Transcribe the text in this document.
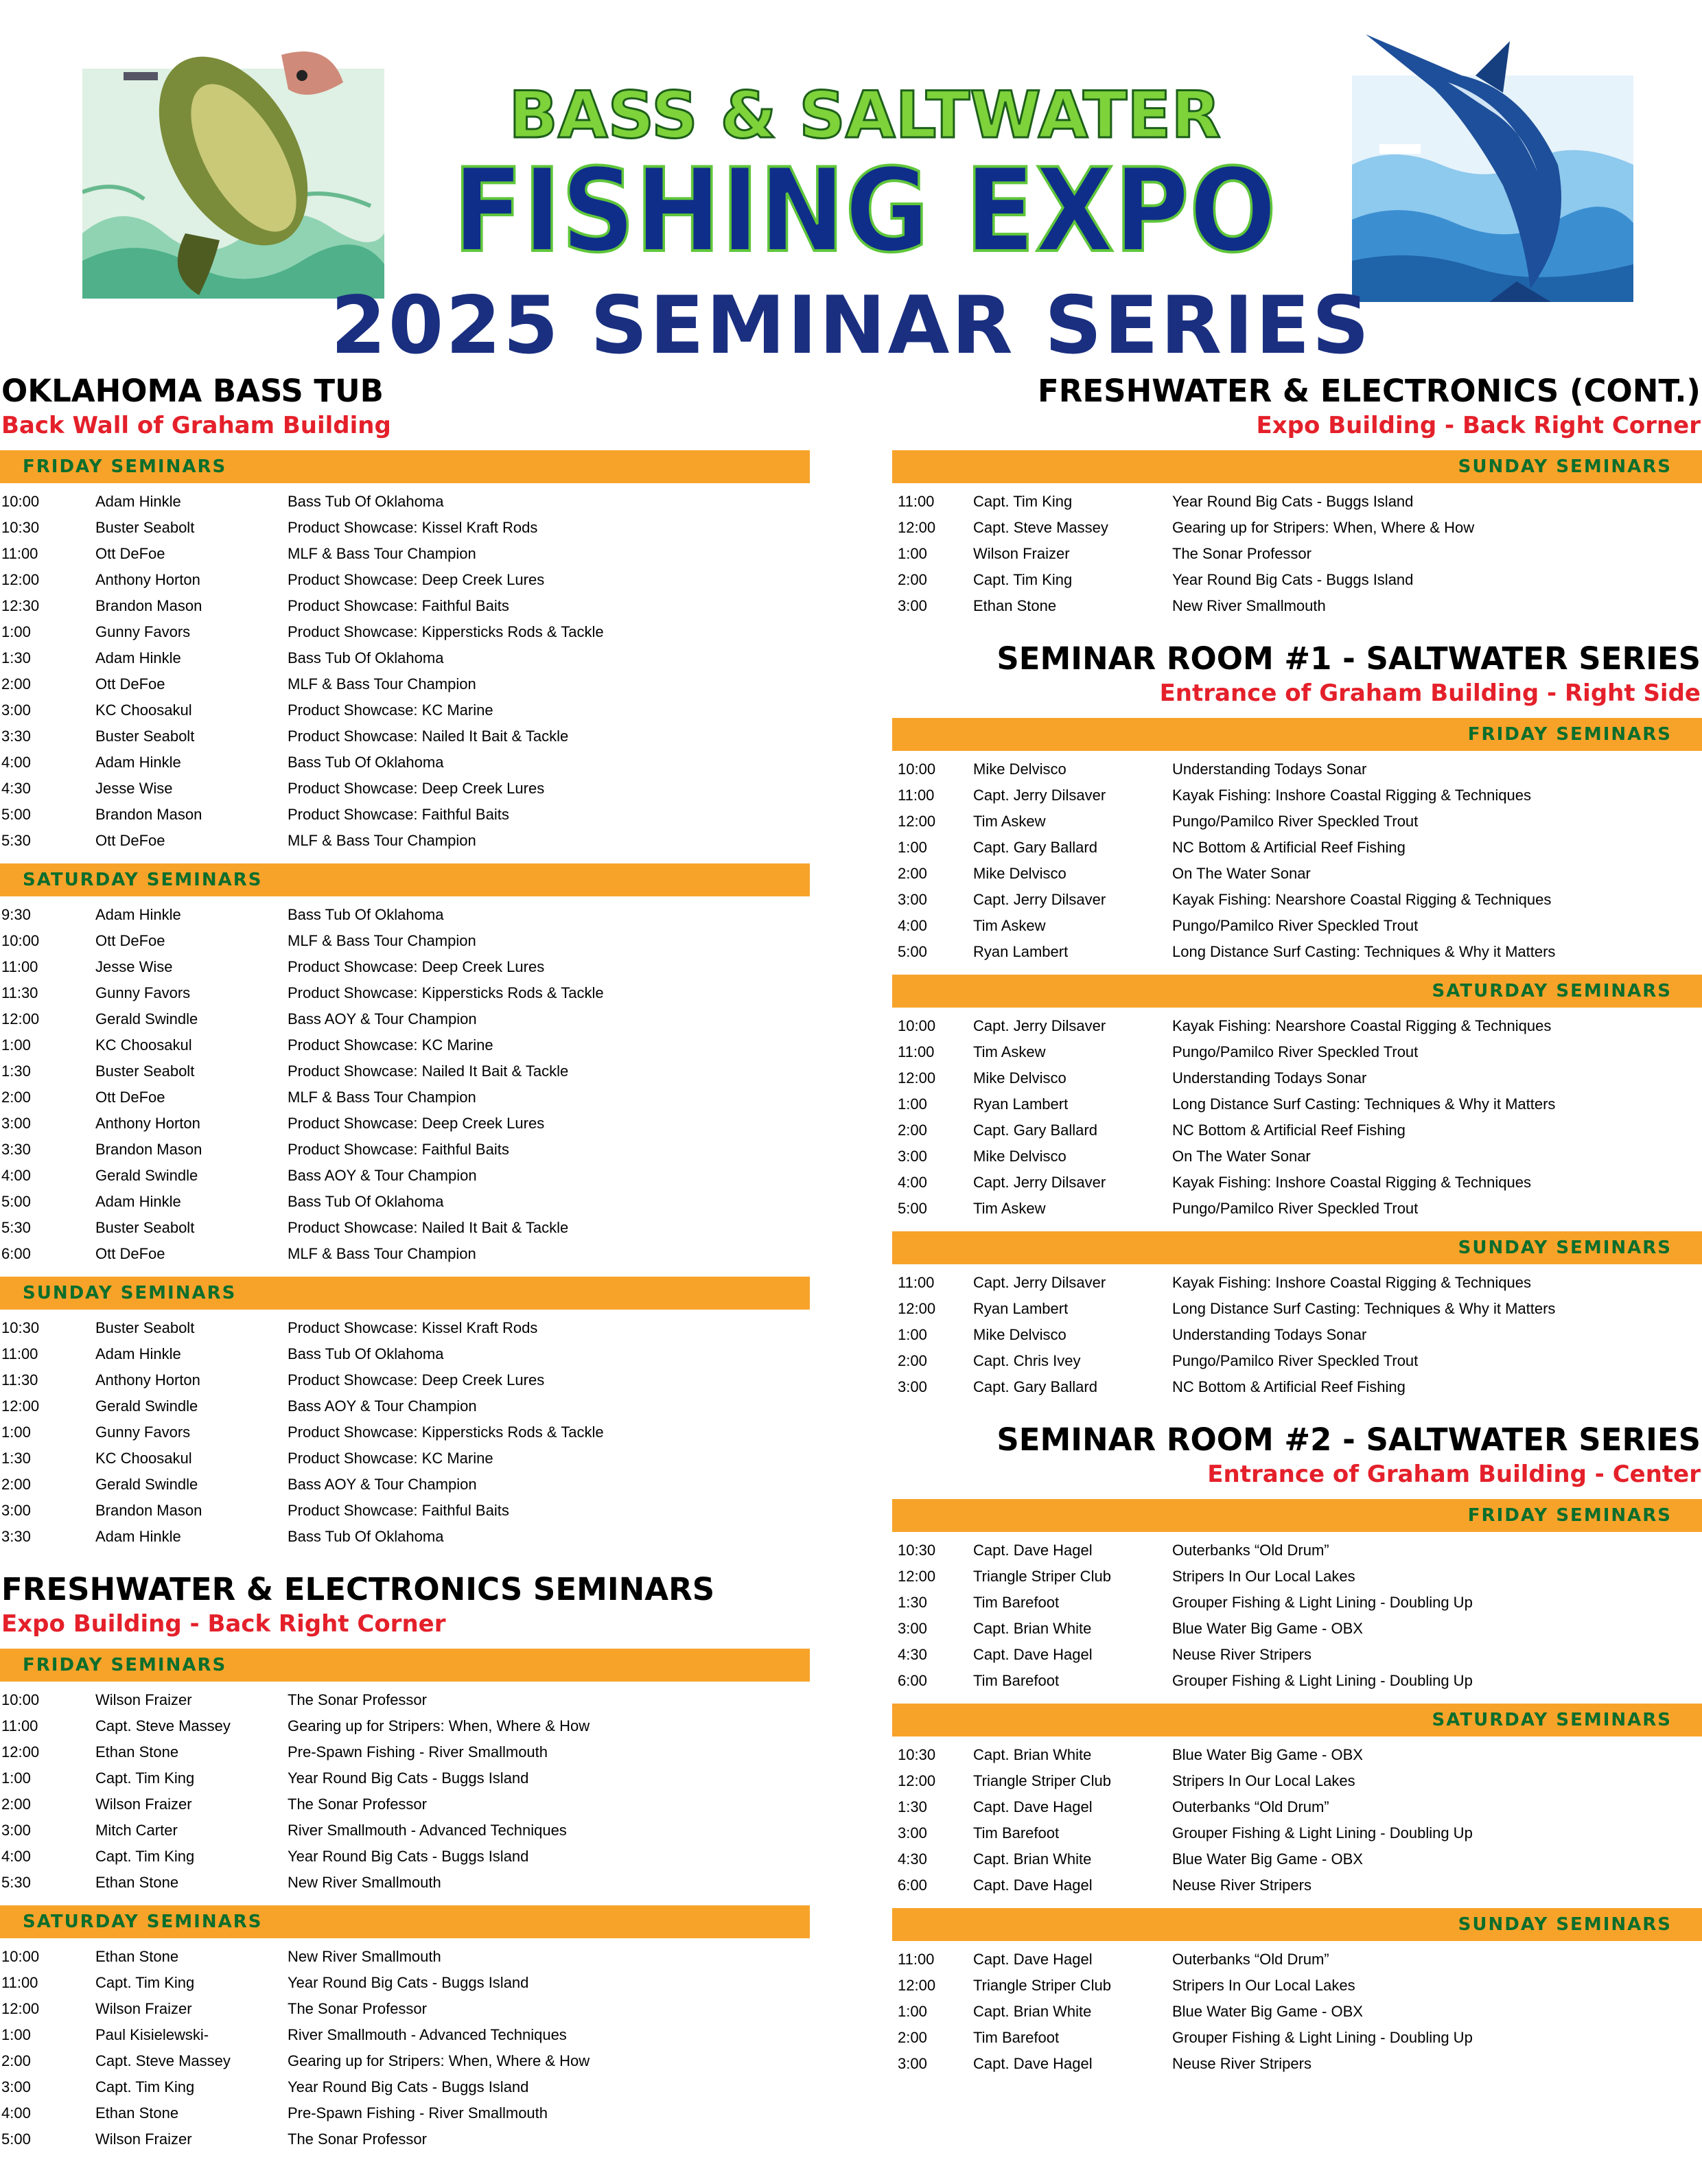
BASS & SALTWATER
FISHING EXPO
2025 SEMINAR SERIES
OKLAHOMA BASS TUB
Back Wall of Graham Building
FRIDAY SEMINARS
10:00	Adam Hinkle	Bass Tub Of Oklahoma
10:30	Buster Seabolt	Product Showcase: Kissel Kraft Rods
11:00	Ott DeFoe	MLF & Bass Tour Champion
12:00	Anthony Horton	Product Showcase: Deep Creek Lures
12:30	Brandon Mason	Product Showcase: Faithful Baits
1:00	Gunny Favors	Product Showcase: Kippersticks Rods & Tackle
1:30	Adam Hinkle	Bass Tub Of Oklahoma
2:00	Ott DeFoe	MLF & Bass Tour Champion
3:00	KC Choosakul	Product Showcase: KC Marine
3:30	Buster Seabolt	Product Showcase: Nailed It Bait & Tackle
4:00	Adam Hinkle	Bass Tub Of Oklahoma
4:30	Jesse Wise	Product Showcase: Deep Creek Lures
5:00	Brandon Mason	Product Showcase: Faithful Baits
5:30	Ott DeFoe	MLF & Bass Tour Champion
SATURDAY SEMINARS
9:30	Adam Hinkle	Bass Tub Of Oklahoma
10:00	Ott DeFoe	MLF & Bass Tour Champion
11:00	Jesse Wise	Product Showcase: Deep Creek Lures
11:30	Gunny Favors	Product Showcase: Kippersticks Rods & Tackle
12:00	Gerald Swindle	Bass AOY & Tour Champion
1:00	KC Choosakul	Product Showcase: KC Marine
1:30	Buster Seabolt	Product Showcase: Nailed It Bait & Tackle
2:00	Ott DeFoe	MLF & Bass Tour Champion
3:00	Anthony Horton	Product Showcase: Deep Creek Lures
3:30	Brandon Mason	Product Showcase: Faithful Baits
4:00	Gerald Swindle	Bass AOY & Tour Champion
5:00	Adam Hinkle	Bass Tub Of Oklahoma
5:30	Buster Seabolt	Product Showcase: Nailed It Bait & Tackle
6:00	Ott DeFoe	MLF & Bass Tour Champion
SUNDAY SEMINARS
10:30	Buster Seabolt	Product Showcase: Kissel Kraft Rods
11:00	Adam Hinkle	Bass Tub Of Oklahoma
11:30	Anthony Horton	Product Showcase: Deep Creek Lures
12:00	Gerald Swindle	Bass AOY & Tour Champion
1:00	Gunny Favors	Product Showcase: Kippersticks Rods & Tackle
1:30	KC Choosakul	Product Showcase: KC Marine
2:00	Gerald Swindle	Bass AOY & Tour Champion
3:00	Brandon Mason	Product Showcase: Faithful Baits
3:30	Adam Hinkle	Bass Tub Of Oklahoma
FRESHWATER & ELECTRONICS SEMINARS
Expo Building - Back Right Corner
FRIDAY SEMINARS
10:00	Wilson Fraizer	The Sonar Professor
11:00	Capt. Steve Massey	Gearing up for Stripers: When, Where & How
12:00	Ethan Stone	Pre-Spawn Fishing - River Smallmouth
1:00	Capt. Tim King	Year Round Big Cats - Buggs Island
2:00	Wilson Fraizer	The Sonar Professor
3:00	Mitch Carter	River Smallmouth - Advanced Techniques
4:00	Capt. Tim King	Year Round Big Cats - Buggs Island
5:30	Ethan Stone	New River Smallmouth
SATURDAY SEMINARS
10:00	Ethan Stone	New River Smallmouth
11:00	Capt. Tim King	Year Round Big Cats - Buggs Island
12:00	Wilson Fraizer	The Sonar Professor
1:00	Paul Kisielewski-	River Smallmouth - Advanced Techniques
2:00	Capt. Steve Massey	Gearing up for Stripers: When, Where & How
3:00	Capt. Tim King	Year Round Big Cats - Buggs Island
4:00	Ethan Stone	Pre-Spawn Fishing - River Smallmouth
5:00	Wilson Fraizer	The Sonar Professor
FRESHWATER & ELECTRONICS (CONT.)
Expo Building - Back Right Corner
SUNDAY SEMINARS
11:00	Capt. Tim King	Year Round Big Cats - Buggs Island
12:00	Capt. Steve Massey	Gearing up for Stripers: When, Where & How
1:00	Wilson Fraizer	The Sonar Professor
2:00	Capt. Tim King	Year Round Big Cats - Buggs Island
3:00	Ethan Stone	New River Smallmouth
SEMINAR ROOM #1 - SALTWATER SERIES
Entrance of Graham Building - Right Side
FRIDAY SEMINARS
10:00	Mike Delvisco	Understanding Todays Sonar
11:00	Capt. Jerry Dilsaver	Kayak Fishing: Inshore Coastal Rigging & Techniques
12:00	Tim Askew	Pungo/Pamilco River Speckled Trout
1:00	Capt. Gary Ballard	NC Bottom & Artificial Reef Fishing
2:00	Mike Delvisco	On The Water Sonar
3:00	Capt. Jerry Dilsaver	Kayak Fishing: Nearshore Coastal Rigging & Techniques
4:00	Tim Askew	Pungo/Pamilco River Speckled Trout
5:00	Ryan Lambert	Long Distance Surf Casting: Techniques & Why it Matters
SATURDAY SEMINARS
10:00	Capt. Jerry Dilsaver	Kayak Fishing: Nearshore Coastal Rigging & Techniques
11:00	Tim Askew	Pungo/Pamilco River Speckled Trout
12:00	Mike Delvisco	Understanding Todays Sonar
1:00	Ryan Lambert	Long Distance Surf Casting: Techniques & Why it Matters
2:00	Capt. Gary Ballard	NC Bottom & Artificial Reef Fishing
3:00	Mike Delvisco	On The Water Sonar
4:00	Capt. Jerry Dilsaver	Kayak Fishing: Inshore Coastal Rigging & Techniques
5:00	Tim Askew	Pungo/Pamilco River Speckled Trout
SUNDAY SEMINARS
11:00	Capt. Jerry Dilsaver	Kayak Fishing: Inshore Coastal Rigging & Techniques
12:00	Ryan Lambert	Long Distance Surf Casting: Techniques & Why it Matters
1:00	Mike Delvisco	Understanding Todays Sonar
2:00	Capt. Chris Ivey	Pungo/Pamilco River Speckled Trout
3:00	Capt. Gary Ballard	NC Bottom & Artificial Reef Fishing
SEMINAR ROOM #2 - SALTWATER SERIES
Entrance of Graham Building - Center
FRIDAY SEMINARS
10:30	Capt. Dave Hagel	Outerbanks “Old Drum”
12:00	Triangle Striper Club	Stripers In Our Local Lakes
1:30	Tim Barefoot	Grouper Fishing & Light Lining - Doubling Up
3:00	Capt. Brian White	Blue Water Big Game - OBX
4:30	Capt. Dave Hagel	Neuse River Stripers
6:00	Tim Barefoot	Grouper Fishing & Light Lining - Doubling Up
SATURDAY SEMINARS
10:30	Capt. Brian White	Blue Water Big Game - OBX
12:00	Triangle Striper Club	Stripers In Our Local Lakes
1:30	Capt. Dave Hagel	Outerbanks “Old Drum”
3:00	Tim Barefoot	Grouper Fishing & Light Lining - Doubling Up
4:30	Capt. Brian White	Blue Water Big Game - OBX
6:00	Capt. Dave Hagel	Neuse River Stripers
SUNDAY SEMINARS
11:00	Capt. Dave Hagel	Outerbanks “Old Drum”
12:00	Triangle Striper Club	Stripers In Our Local Lakes
1:00	Capt. Brian White	Blue Water Big Game - OBX
2:00	Tim Barefoot	Grouper Fishing & Light Lining - Doubling Up
3:00	Capt. Dave Hagel	Neuse River Stripers
